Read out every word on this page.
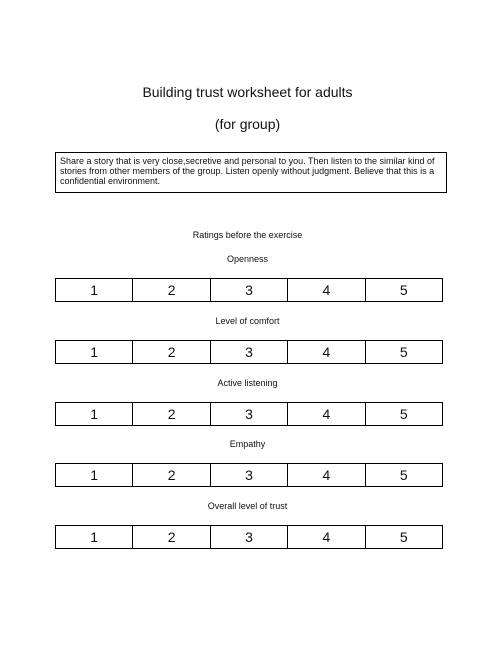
Building trust worksheet for adults
(for group)
Share a story that is very close,secretive and personal to you. Then listen to the similar kind of stories from other members of the group. Listen openly without judgment. Believe that this is a confidential environment.
Ratings before the exercise
Openness
1	2	3	4	5
Level of comfort
1	2	3	4	5
Active listening
1	2	3	4	5
Empathy
1	2	3	4	5
Overall level of trust
1	2	3	4	5
